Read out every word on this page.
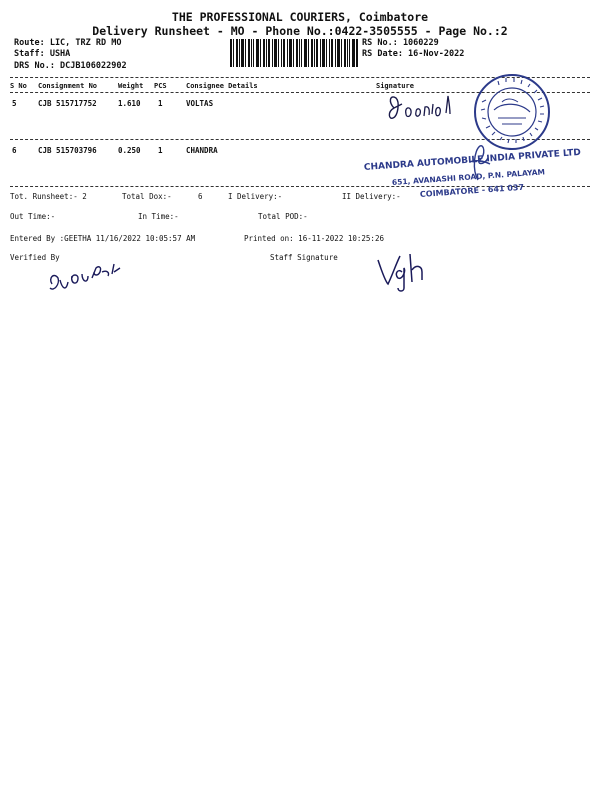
THE PROFESSIONAL COURIERS, Coimbatore
Delivery Runsheet - MO - Phone No.:0422-3505555 - Page No.:2
Route: LIC, TRZ RD MO
Staff: USHA
DRS No.: DCJB106022902
RS No.: 1060229
RS Date: 16-Nov-2022
S No Consignment No	Weight PCS	Consignee Details	Signature
5	CJB 515717752	1.610 1	VOLTAS
6	CJB 515703796	0.250 1	CHANDRA	CHANDRA AUTOMOBILE INDIA PRIVATE LTD
651, AVANASHI ROAD, P.N. PALAYAM
COIMBATORE - 641 037
Tot. Runsheet:- 2	Total Dox:-	6	I Delivery:-	II Delivery:-
Out Time:-	In Time:-	Total POD:-
Entered By :GEETHA 11/16/2022 10:05:57 AM	Printed on: 16-11-2022 10:25:26
Verified By	Staff Signature
